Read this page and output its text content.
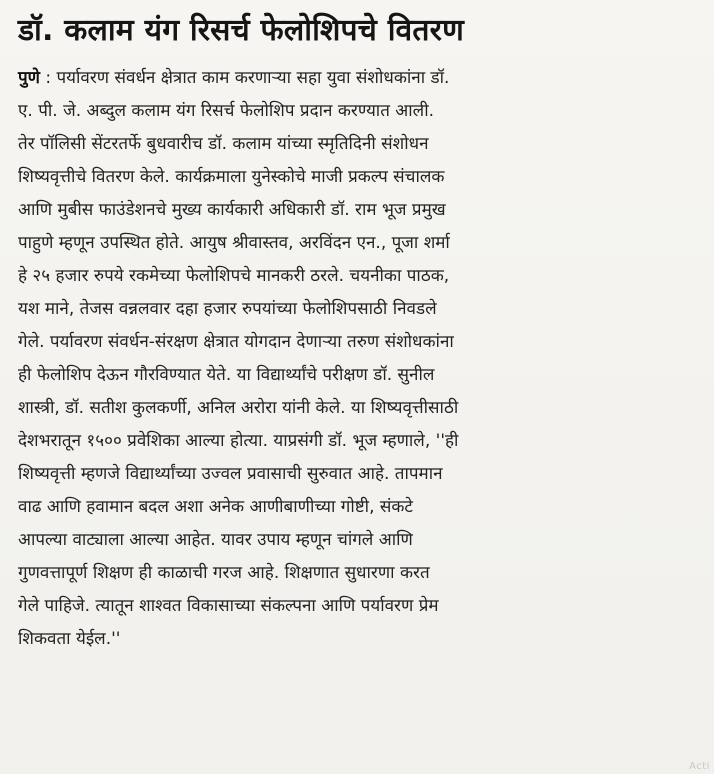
डॉ. कलाम यंग रिसर्च फेलोशिपचे वितरण
पुणे : पर्यावरण संवर्धन क्षेत्रात काम करणाऱ्या सहा युवा संशोधकांना डॉ.
ए. पी. जे. अब्दुल कलाम यंग रिसर्च फेलोशिप प्रदान करण्यात आली.
तेर पॉलिसी सेंटरतर्फे बुधवारीच डॉ. कलाम यांच्या स्मृतिदिनी संशोधन
शिष्यवृत्तीचे वितरण केले. कार्यक्रमाला युनेस्कोचे माजी प्रकल्प संचालक
आणि मुबीस फाउंडेशनचे मुख्य कार्यकारी अधिकारी डॉ. राम भूज प्रमुख
पाहुणे म्हणून उपस्थित होते. आयुष श्रीवास्तव, अरविंदन एन., पूजा शर्मा
हे २५ हजार रुपये रकमेच्या फेलोशिपचे मानकरी ठरले. चयनीका पाठक,
यश माने, तेजस वन्नलवार दहा हजार रुपयांच्या फेलोशिपसाठी निवडले
गेले. पर्यावरण संवर्धन-संरक्षण क्षेत्रात योगदान देणाऱ्या तरुण संशोधकांना
ही फेलोशिप देऊन गौरविण्यात येते. या विद्यार्थ्यांचे परीक्षण डॉ. सुनील
शास्त्री, डॉ. सतीश कुलकर्णी, अनिल अरोरा यांनी केले. या शिष्यवृत्तीसाठी
देशभरातून १५०० प्रवेशिका आल्या होत्या. याप्रसंगी डॉ. भूज म्हणाले, ''ही
शिष्यवृत्ती म्हणजे विद्यार्थ्यांच्या उज्वल प्रवासाची सुरुवात आहे. तापमान
वाढ आणि हवामान बदल अशा अनेक आणीबाणीच्या गोष्टी, संकटे
आपल्या वाट्याला आल्या आहेत. यावर उपाय म्हणून चांगले आणि
गुणवत्तापूर्ण शिक्षण ही काळाची गरज आहे. शिक्षणात सुधारणा करत
गेले पाहिजे. त्यातून शाश्वत विकासाच्या संकल्पना आणि पर्यावरण प्रेम
शिकवता येईल.''
Acti
